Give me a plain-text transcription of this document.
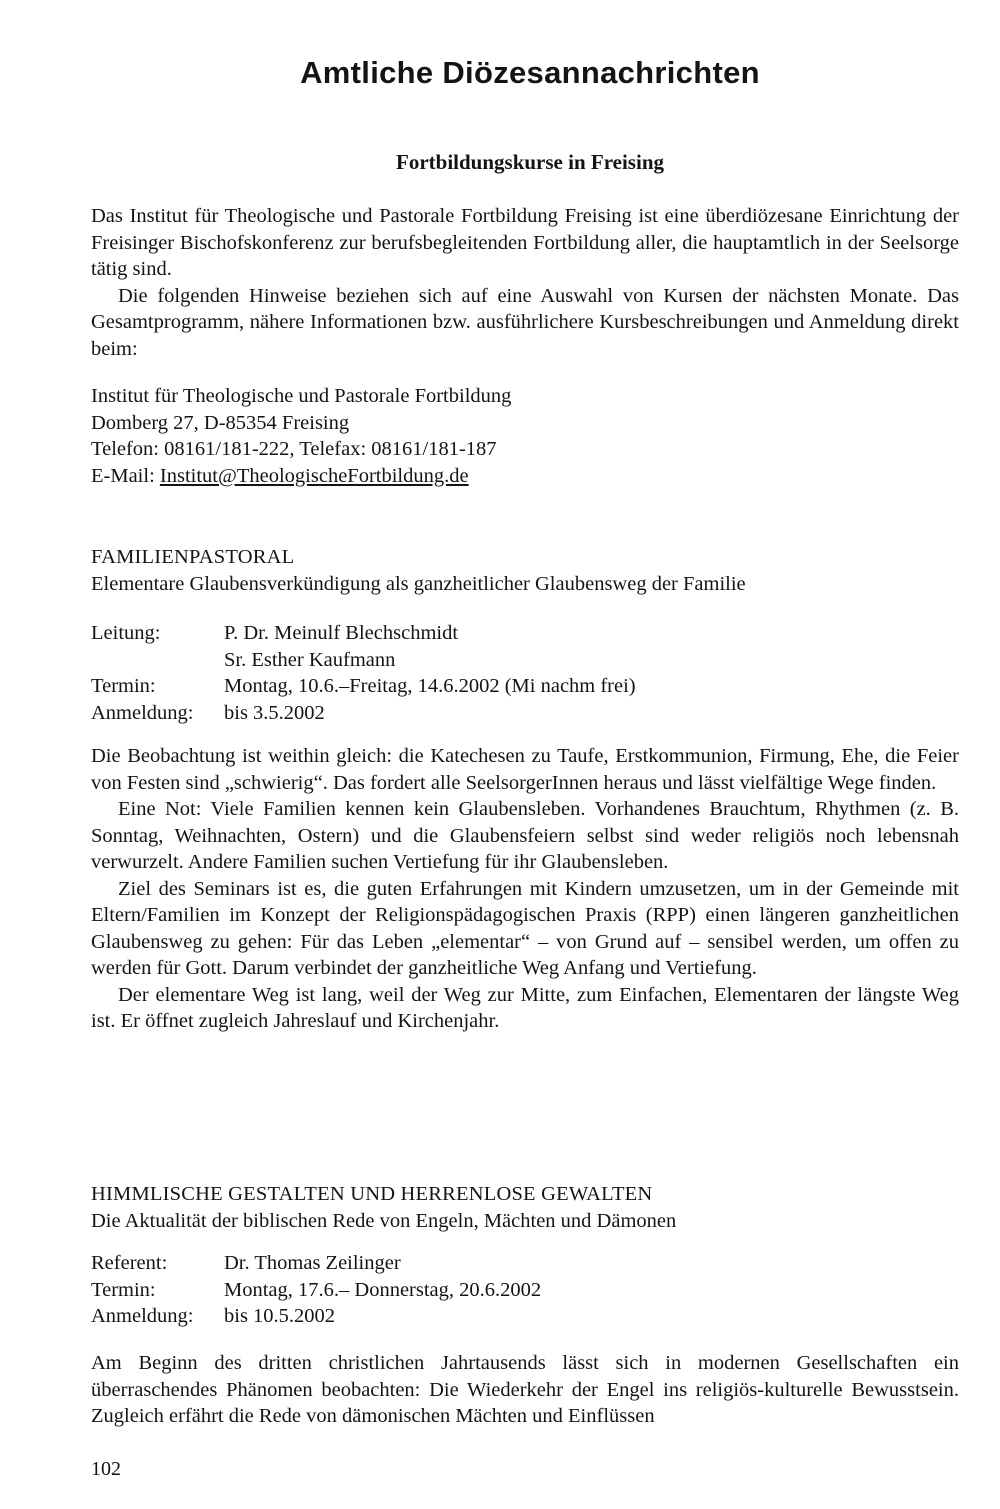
Amtliche Diözesannachrichten
Fortbildungskurse in Freising

Das Institut für Theologische und Pastorale Fortbildung Freising ist eine überdiözesane Einrichtung der Freisinger Bischofskonferenz zur berufsbegleitenden Fortbildung aller, die hauptamtlich in der Seelsorge tätig sind.

Die folgenden Hinweise beziehen sich auf eine Auswahl von Kursen der nächsten Monate. Das Gesamtprogramm, nähere Informationen bzw. ausführlichere Kursbeschreibungen und Anmeldung direkt beim:

Institut für Theologische und Pastorale Fortbildung
Domberg 27, D-85354 Freising
Telefon: 08161/181-222, Telefax: 08161/181-187
E-Mail: Institut@TheologischeFortbildung.de
FAMILIENPASTORAL
Elementare Glaubensverkündigung als ganzheitlicher Glaubensweg der Familie
Leitung:	P. Dr. Meinulf Blechschmidt
	Sr. Esther Kaufmann
Termin:	Montag, 10.6.–Freitag, 14.6.2002 (Mi nachm frei)
Anmeldung:	bis 3.5.2002

Die Beobachtung ist weithin gleich: die Katechesen zu Taufe, Erstkommunion, Firmung, Ehe, die Feier von Festen sind „schwierig“. Das fordert alle SeelsorgerInnen heraus und lässt vielfältige Wege finden.

Eine Not: Viele Familien kennen kein Glaubensleben. Vorhandenes Brauchtum, Rhythmen (z. B. Sonntag, Weihnachten, Ostern) und die Glaubensfeiern selbst sind weder religiös noch lebensnah verwurzelt. Andere Familien suchen Vertiefung für ihr Glaubensleben.

Ziel des Seminars ist es, die guten Erfahrungen mit Kindern umzusetzen, um in der Gemeinde mit Eltern/Familien im Konzept der Religionspädagogischen Praxis (RPP) einen längeren ganzheitlichen Glaubensweg zu gehen: Für das Leben „elementar“ – von Grund auf – sensibel werden, um offen zu werden für Gott. Darum verbindet der ganzheitliche Weg Anfang und Vertiefung.

Der elementare Weg ist lang, weil der Weg zur Mitte, zum Einfachen, Elementaren der längste Weg ist. Er öffnet zugleich Jahreslauf und Kirchenjahr.

HIMMLISCHE GESTALTEN UND HERRENLOSE GEWALTEN
Die Aktualität der biblischen Rede von Engeln, Mächten und Dämonen
Referent:	Dr. Thomas Zeilinger
Termin:	Montag, 17.6.– Donnerstag, 20.6.2002
Anmeldung:	bis 10.5.2002

Am Beginn des dritten christlichen Jahrtausends lässt sich in modernen Gesellschaften ein überraschendes Phänomen beobachten: Die Wiederkehr der Engel ins religiös-kulturelle Bewusstsein. Zugleich erfährt die Rede von dämonischen Mächten und Einflüssen

102
